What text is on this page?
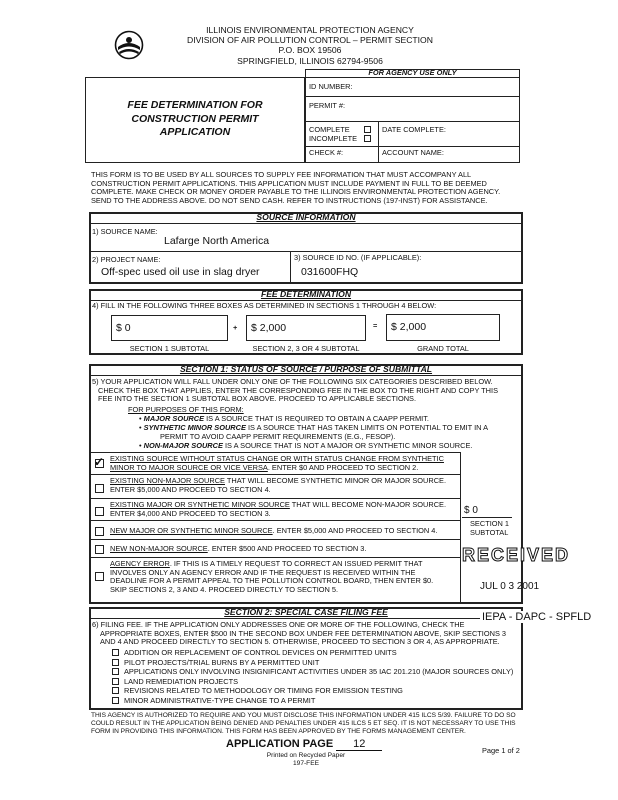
ILLINOIS ENVIRONMENTAL PROTECTION AGENCY
DIVISION OF AIR POLLUTION CONTROL – PERMIT SECTION
P.O. BOX 19506
SPRINGFIELD, ILLINOIS 62794-9506
FEE DETERMINATION FOR
CONSTRUCTION PERMIT
APPLICATION
FOR AGENCY USE ONLY
ID NUMBER:
PERMIT #:
COMPLETE
INCOMPLETE
DATE COMPLETE:
CHECK #:	ACCOUNT NAME:
THIS FORM IS TO BE USED BY ALL SOURCES TO SUPPLY FEE INFORMATION THAT MUST ACCOMPANY ALL
CONSTRUCTION PERMIT APPLICATIONS. THIS APPLICATION MUST INCLUDE PAYMENT IN FULL TO BE DEEMED
COMPLETE. MAKE CHECK OR MONEY ORDER PAYABLE TO THE ILLINOIS ENVIRONMENTAL PROTECTION AGENCY.
SEND TO THE ADDRESS ABOVE. DO NOT SEND CASH. REFER TO INSTRUCTIONS (197-INST) FOR ASSISTANCE.
SOURCE INFORMATION
1) SOURCE NAME:
Lafarge North America
2) PROJECT NAME:
Off-spec used oil use in slag dryer
3) SOURCE ID NO. (IF APPLICABLE):
031600FHQ
FEE DETERMINATION
4) FILL IN THE FOLLOWING THREE BOXES AS DETERMINED IN SECTIONS 1 THROUGH 4 BELOW:
$ 0	+ $ 2,000	= $ 2,000
SECTION 1 SUBTOTAL	SECTION 2, 3 OR 4 SUBTOTAL	GRAND TOTAL
SECTION 1: STATUS OF SOURCE / PURPOSE OF SUBMITTAL
5) YOUR APPLICATION WILL FALL UNDER ONLY ONE OF THE FOLLOWING SIX CATEGORIES DESCRIBED BELOW.
CHECK THE BOX THAT APPLIES, ENTER THE CORRESPONDING FEE IN THE BOX TO THE RIGHT AND COPY THIS
FEE INTO THE SECTION 1 SUBTOTAL BOX ABOVE. PROCEED TO APPLICABLE SECTIONS.
FOR PURPOSES OF THIS FORM:
• MAJOR SOURCE IS A SOURCE THAT IS REQUIRED TO OBTAIN A CAAPP PERMIT.
• SYNTHETIC MINOR SOURCE IS A SOURCE THAT HAS TAKEN LIMITS ON POTENTIAL TO EMIT IN A
PERMIT TO AVOID CAAPP PERMIT REQUIREMENTS (E.G., FESOP).
• NON-MAJOR SOURCE IS A SOURCE THAT IS NOT A MAJOR OR SYNTHETIC MINOR SOURCE.
✓ EXISTING SOURCE WITHOUT STATUS CHANGE OR WITH STATUS CHANGE FROM SYNTHETIC
MINOR TO MAJOR SOURCE OR VICE VERSA. ENTER $0 AND PROCEED TO SECTION 2.
EXISTING NON-MAJOR SOURCE THAT WILL BECOME SYNTHETIC MINOR OR MAJOR SOURCE.
ENTER $5,000 AND PROCEED TO SECTION 4.
EXISTING MAJOR OR SYNTHETIC MINOR SOURCE THAT WILL BECOME NON-MAJOR SOURCE.
ENTER $4,000 AND PROCEED TO SECTION 3.
NEW MAJOR OR SYNTHETIC MINOR SOURCE. ENTER $5,000 AND PROCEED TO SECTION 4.
NEW NON-MAJOR SOURCE. ENTER $500 AND PROCEED TO SECTION 3.
AGENCY ERROR. IF THIS IS A TIMELY REQUEST TO CORRECT AN ISSUED PERMIT THAT
INVOLVES ONLY AN AGENCY ERROR AND IF THE REQUEST IS RECEIVED WITHIN THE
DEADLINE FOR A PERMIT APPEAL TO THE POLLUTION CONTROL BOARD, THEN ENTER $0.
SKIP SECTIONS 2, 3 AND 4. PROCEED DIRECTLY TO SECTION 5.
$ 0
SECTION 1
SUBTOTAL
RECEIVED
JUL 0 3 2001
SECTION 2: SPECIAL CASE FILING FEE	IEPA - DAPC - SPFLD
6) FILING FEE. IF THE APPLICATION ONLY ADDRESSES ONE OR MORE OF THE FOLLOWING, CHECK THE
APPROPRIATE BOXES, ENTER $500 IN THE SECOND BOX UNDER FEE DETERMINATION ABOVE, SKIP SECTIONS 3
AND 4 AND PROCEED DIRECTLY TO SECTION 5. OTHERWISE, PROCEED TO SECTION 3 OR 4, AS APPROPRIATE.
ADDITION OR REPLACEMENT OF CONTROL DEVICES ON PERMITTED UNITS
PILOT PROJECTS/TRIAL BURNS BY A PERMITTED UNIT
APPLICATIONS ONLY INVOLVING INSIGNIFICANT ACTIVITIES UNDER 35 IAC 201.210 (MAJOR SOURCES ONLY)
LAND REMEDIATION PROJECTS
REVISIONS RELATED TO METHODOLOGY OR TIMING FOR EMISSION TESTING
MINOR ADMINISTRATIVE-TYPE CHANGE TO A PERMIT
THIS AGENCY IS AUTHORIZED TO REQUIRE AND YOU MUST DISCLOSE THIS INFORMATION UNDER 415 ILCS 5/39. FAILURE TO DO SO
COULD RESULT IN THE APPLICATION BEING DENIED AND PENALTIES UNDER 415 ILCS 5 ET SEQ. IT IS NOT NECESSARY TO USE THIS
FORM IN PROVIDING THIS INFORMATION. THIS FORM HAS BEEN APPROVED BY THE FORMS MANAGEMENT CENTER.
APPLICATION PAGE 12
Printed on Recycled Paper
197-FEE
Page 1 of 2
